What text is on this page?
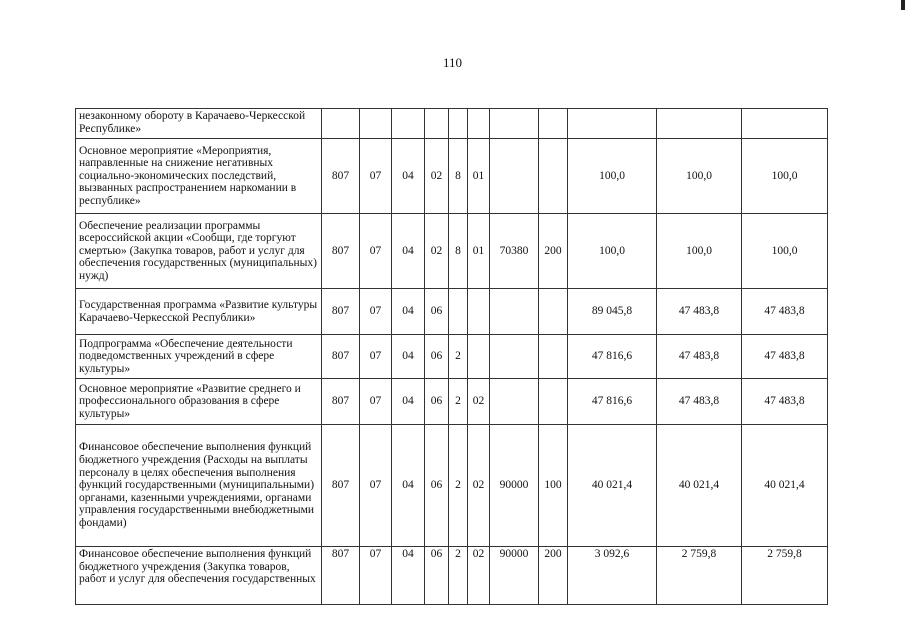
110
незаконному обороту в Карачаево-Черкесской Республике»											
Основное мероприятие «Мероприятия, направленные на снижение негативных социально-экономических последствий, вызванных распространением наркомании в республике»	807	07	04	02	8	01			100,0	100,0	100,0
Обеспечение реализации программы всероссийской акции «Сообщи, где торгуют смертью» (Закупка товаров, работ и услуг для обеспечения государственных (муниципальных) нужд)	807	07	04	02	8	01	70380	200	100,0	100,0	100,0
Государственная программа «Развитие культуры Карачаево-Черкесской Республики»	807	07	04	06					89 045,8	47 483,8	47 483,8
Подпрограмма «Обеспечение деятельности подведомственных учреждений в сфере культуры»	807	07	04	06	2				47 816,6	47 483,8	47 483,8
Основное мероприятие «Развитие среднего и профессионального образования в сфере культуры»	807	07	04	06	2	02			47 816,6	47 483,8	47 483,8
Финансовое обеспечение выполнения функций бюджетного учреждения (Расходы на выплаты персоналу в целях обеспечения выполнения функций государственными (муниципальными) органами, казенными учреждениями, органами управления государственными внебюджетными фондами)	807	07	04	06	2	02	90000	100	40 021,4	40 021,4	40 021,4
Финансовое обеспечение выполнения функций бюджетного учреждения (Закупка товаров, работ и услуг для обеспечения государственных	807	07	04	06	2	02	90000	200	3 092,6	2 759,8	2 759,8
